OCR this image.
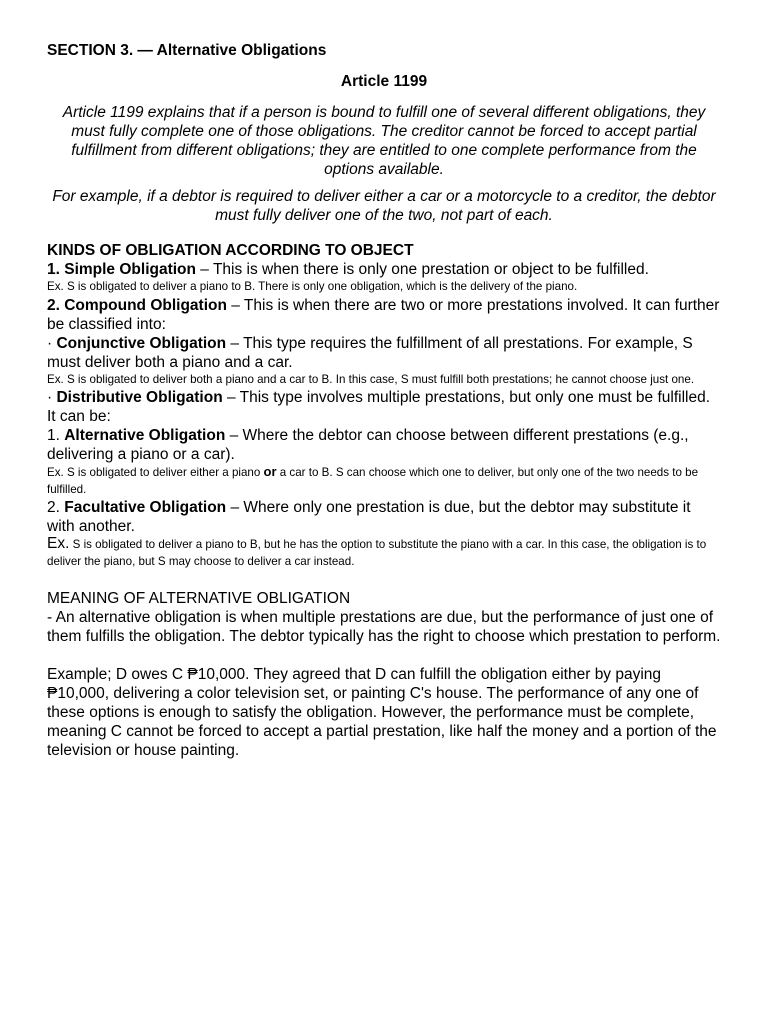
SECTION 3. — Alternative Obligations

Article 1199

Article 1199 explains that if a person is bound to fulfill one of several different obligations, they must fully complete one of those obligations. The creditor cannot be forced to accept partial fulfillment from different obligations; they are entitled to one complete performance from the options available.

For example, if a debtor is required to deliver either a car or a motorcycle to a creditor, the debtor must fully deliver one of the two, not part of each.

KINDS OF OBLIGATION ACCORDING TO OBJECT

1. Simple Obligation – This is when there is only one prestation or object to be fulfilled.

Ex. S is obligated to deliver a piano to B. There is only one obligation, which is the delivery of the piano.

2. Compound Obligation – This is when there are two or more prestations involved. It can further be classified into:

· Conjunctive Obligation – This type requires the fulfillment of all prestations. For example, S must deliver both a piano and a car.

Ex. S is obligated to deliver both a piano and a car to B. In this case, S must fulfill both prestations; he cannot choose just one.

· Distributive Obligation – This type involves multiple prestations, but only one must be fulfilled. It can be:

1. Alternative Obligation – Where the debtor can choose between different prestations (e.g., delivering a piano or a car).

Ex. S is obligated to deliver either a piano or a car to B. S can choose which one to deliver, but only one of the two needs to be fulfilled.

2. Facultative Obligation – Where only one prestation is due, but the debtor may substitute it with another.

Ex. S is obligated to deliver a piano to B, but he has the option to substitute the piano with a car. In this case, the obligation is to deliver the piano, but S may choose to deliver a car instead.

MEANING OF ALTERNATIVE OBLIGATION

- An alternative obligation is when multiple prestations are due, but the performance of just one of them fulfills the obligation. The debtor typically has the right to choose which prestation to perform.

Example; D owes C ₱10,000. They agreed that D can fulfill the obligation either by paying ₱10,000, delivering a color television set, or painting C's house. The performance of any one of these options is enough to satisfy the obligation. However, the performance must be complete, meaning C cannot be forced to accept a partial prestation, like half the money and a portion of the television or house painting.
